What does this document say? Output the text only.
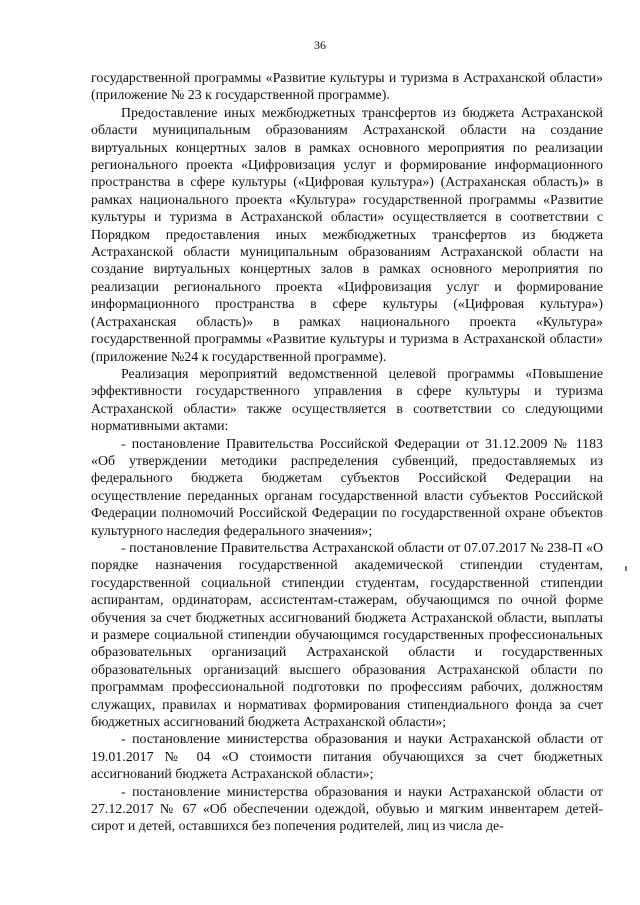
36

государственной программы «Развитие культуры и туризма в Астраханской области» (приложение № 23 к государственной программе).

Предоставление иных межбюджетных трансфертов из бюджета Астраханской области муниципальным образованиям Астраханской области на создание виртуальных концертных залов в рамках основного мероприятия по реализации регионального проекта «Цифровизация услуг и формирование информационного пространства в сфере культуры («Цифровая культура») (Астраханская область)» в рамках национального проекта «Культура» государственной программы «Развитие культуры и туризма в Астраханской области» осуществляется в соответствии с Порядком предоставления иных межбюджетных трансфертов из бюджета Астраханской области муниципальным образованиям Астраханской области на создание виртуальных концертных залов в рамках основного мероприятия по реализации регионального проекта «Цифровизация услуг и формирование информационного пространства в сфере культуры («Цифровая культура») (Астраханская область)» в рамках национального проекта «Культура» государственной программы «Развитие культуры и туризма в Астраханской области» (приложение №24 к государственной программе).

Реализация мероприятий ведомственной целевой программы «Повышение эффективности государственного управления в сфере культуры и туризма Астраханской области» также осуществляется в соответствии со следующими нормативными актами:

- постановление Правительства Российской Федерации от 31.12.2009 № 1183 «Об утверждении методики распределения субвенций, предоставляемых из федерального бюджета бюджетам субъектов Российской Федерации на осуществление переданных органам государственной власти субъектов Российской Федерации полномочий Российской Федерации по государственной охране объектов культурного наследия федерального значения»;

- постановление Правительства Астраханской области от 07.07.2017 № 238-П «О порядке назначения государственной академической стипендии студентам, государственной социальной стипендии студентам, государственной стипендии аспирантам, ординаторам, ассистентам-стажерам, обучающимся по очной форме обучения за счет бюджетных ассигнований бюджета Астраханской области, выплаты и размере социальной стипендии обучающимся государственных профессиональных образовательных организаций Астраханской области и государственных образовательных организаций высшего образования Астраханской области по программам профессиональной подготовки по профессиям рабочих, должностям служащих, правилах и нормативах формирования стипендиального фонда за счет бюджетных ассигнований бюджета Астраханской области»;

- постановление министерства образования и науки Астраханской области от 19.01.2017 № 04 «О стоимости питания обучающихся за счет бюджетных ассигнований бюджета Астраханской области»;

- постановление министерства образования и науки Астраханской области от 27.12.2017 № 67 «Об обеспечении одеждой, обувью и мягким инвентарем детей-сирот и детей, оставшихся без попечения родителей, лиц из числа де-
